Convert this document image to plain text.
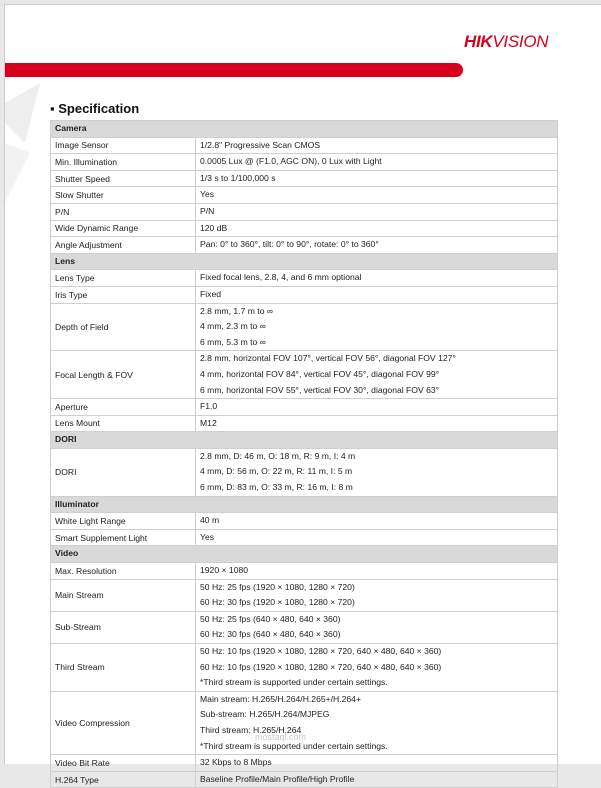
HIKVISION
▪ Specification
Camera	
Image Sensor	1/2.8" Progressive Scan CMOS

Min. Illumination	0.0005 Lux @ (F1.0, AGC ON), 0 Lux with Light

Shutter Speed	1/3 s to 1/100,000 s

Slow Shutter	Yes

P/N	P/N

Wide Dynamic Range	120 dB

Angle Adjustment	Pan: 0° to 360°, tilt: 0° to 90°, rotate: 0° to 360°

Lens	
Lens Type	Fixed focal lens, 2.8, 4, and 6 mm optional

Iris Type	Fixed

Depth of Field	2.8 mm, 1.7 m to ∞
4 mm, 2.3 m to ∞
6 mm, 5.3 m to ∞

Focal Length & FOV	2.8 mm, horizontal FOV 107°, vertical FOV 56°, diagonal FOV 127°
4 mm, horizontal FOV 84°, vertical FOV 45°, diagonal FOV 99°
6 mm, horizontal FOV 55°, vertical FOV 30°, diagonal FOV 63°

Aperture	F1.0

Lens Mount	M12

DORI	
DORI	2.8 mm, D: 46 m, O: 18 m, R: 9 m, I: 4 m
4 mm, D: 56 m, O: 22 m, R: 11 m, I: 5 m
6 mm, D: 83 m, O: 33 m, R: 16 m, I: 8 m

Illuminator	
White Light Range	40 m

Smart Supplement Light	Yes

Video	
Max. Resolution	1920 × 1080

Main Stream	50 Hz: 25 fps (1920 × 1080, 1280 × 720)
60 Hz: 30 fps (1920 × 1080, 1280 × 720)

Sub-Stream	50 Hz: 25 fps (640 × 480, 640 × 360)
60 Hz: 30 fps (640 × 480, 640 × 360)

Third Stream	50 Hz: 10 fps (1920 × 1080, 1280 × 720, 640 × 480, 640 × 360)
60 Hz: 10 fps (1920 × 1080, 1280 × 720, 640 × 480, 640 × 360)
*Third stream is supported under certain settings.

Video Compression	Main stream: H.265/H.264/H.265+/H.264+
Sub-stream: H.265/H.264/MJPEG
Third stream: H.265/H.264
*Third stream is supported under certain settings.

Video Bit Rate	32 Kbps to 8 Mbps

H.264 Type	Baseline Profile/Main Profile/High Profile
mostaql.com
